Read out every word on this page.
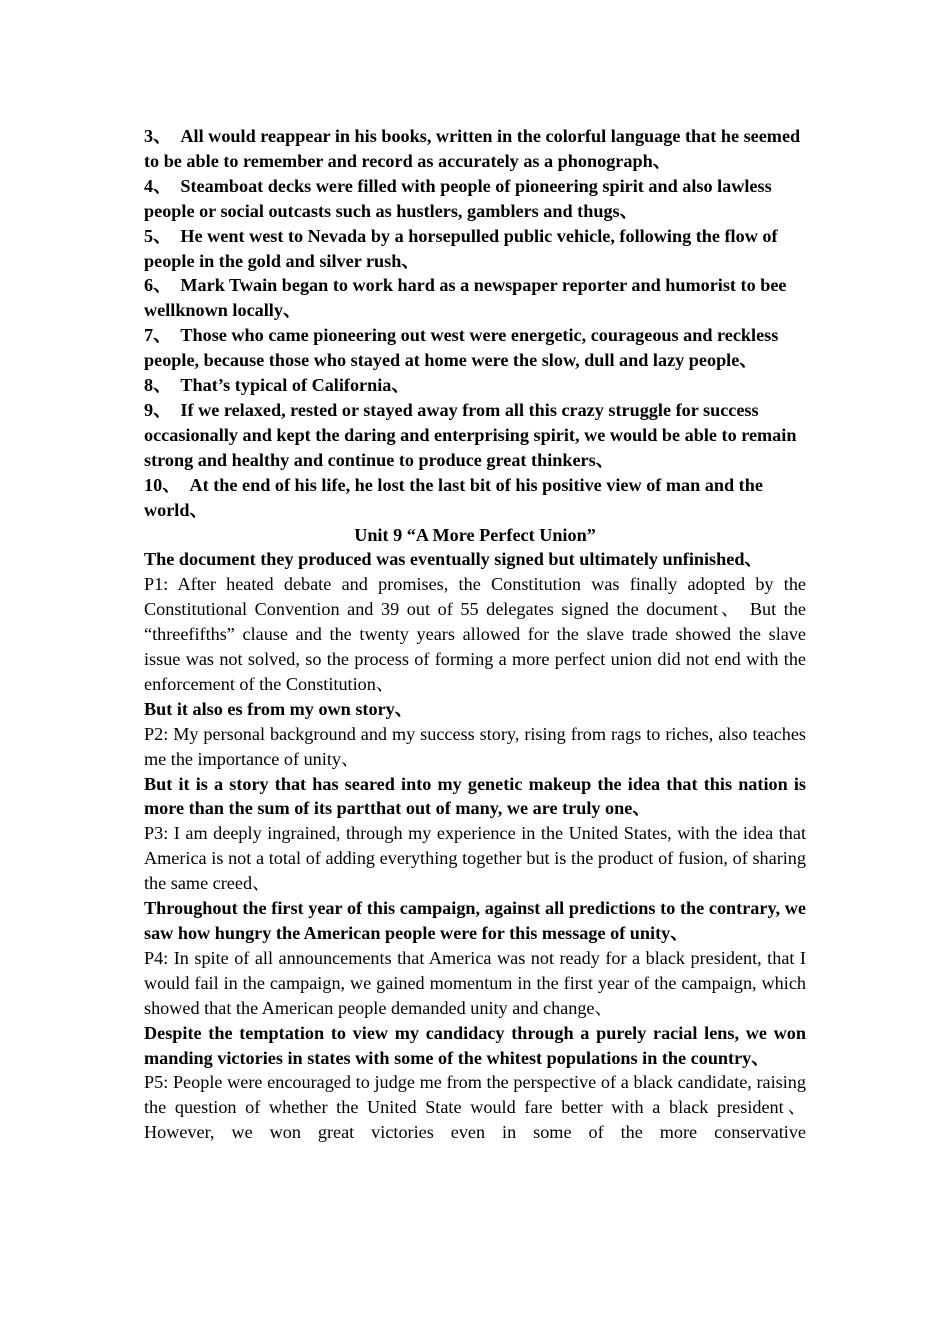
3、 All would reappear in his books, written in the colorful language that he seemed to be able to remember and record as accurately as a phonograph、

4、 Steamboat decks were filled with people of pioneering spirit and also lawless people or social outcasts such as hustlers, gamblers and thugs、

5、 He went west to Nevada by a horsepulled public vehicle, following the flow of people in the gold and silver rush、

6、 Mark Twain began to work hard as a newspaper reporter and humorist to bee wellknown locally、

7、 Those who came pioneering out west were energetic, courageous and reckless people, because those who stayed at home were the slow, dull and lazy people、

8、 That’s typical of California、

9、 If we relaxed, rested or stayed away from all this crazy struggle for success occasionally and kept the daring and enterprising spirit, we would be able to remain strong and healthy and continue to produce great thinkers、

10、 At the end of his life, he lost the last bit of his positive view of man and the world、

Unit 9 “A More Perfect Union”

The document they produced was eventually signed but ultimately unfinished、

P1: After heated debate and promises, the Constitution was finally adopted by the Constitutional Convention and 39 out of 55 delegates signed the document、 But the “threefifths” clause and the twenty years allowed for the slave trade showed the slave issue was not solved, so the process of forming a more perfect union did not end with the enforcement of the Constitution、

But it also es from my own story、

P2: My personal background and my success story, rising from rags to riches, also teaches me the importance of unity、

But it is a story that has seared into my genetic makeup the idea that this nation is more than the sum of its partthat out of many, we are truly one、

P3: I am deeply ingrained, through my experience in the United States, with the idea that America is not a total of adding everything together but is the product of fusion, of sharing the same creed、

Throughout the first year of this campaign, against all predictions to the contrary, we saw how hungry the American people were for this message of unity、

P4: In spite of all announcements that America was not ready for a black president, that I would fail in the campaign, we gained momentum in the first year of the campaign, which showed that the American people demanded unity and change、

Despite the temptation to view my candidacy through a purely racial lens, we won manding victories in states with some of the whitest populations in the country、

P5: People were encouraged to judge me from the perspective of a black candidate, raising the question of whether the United State would fare better with a black president、 However, we won great victories even in some of the more conservative
